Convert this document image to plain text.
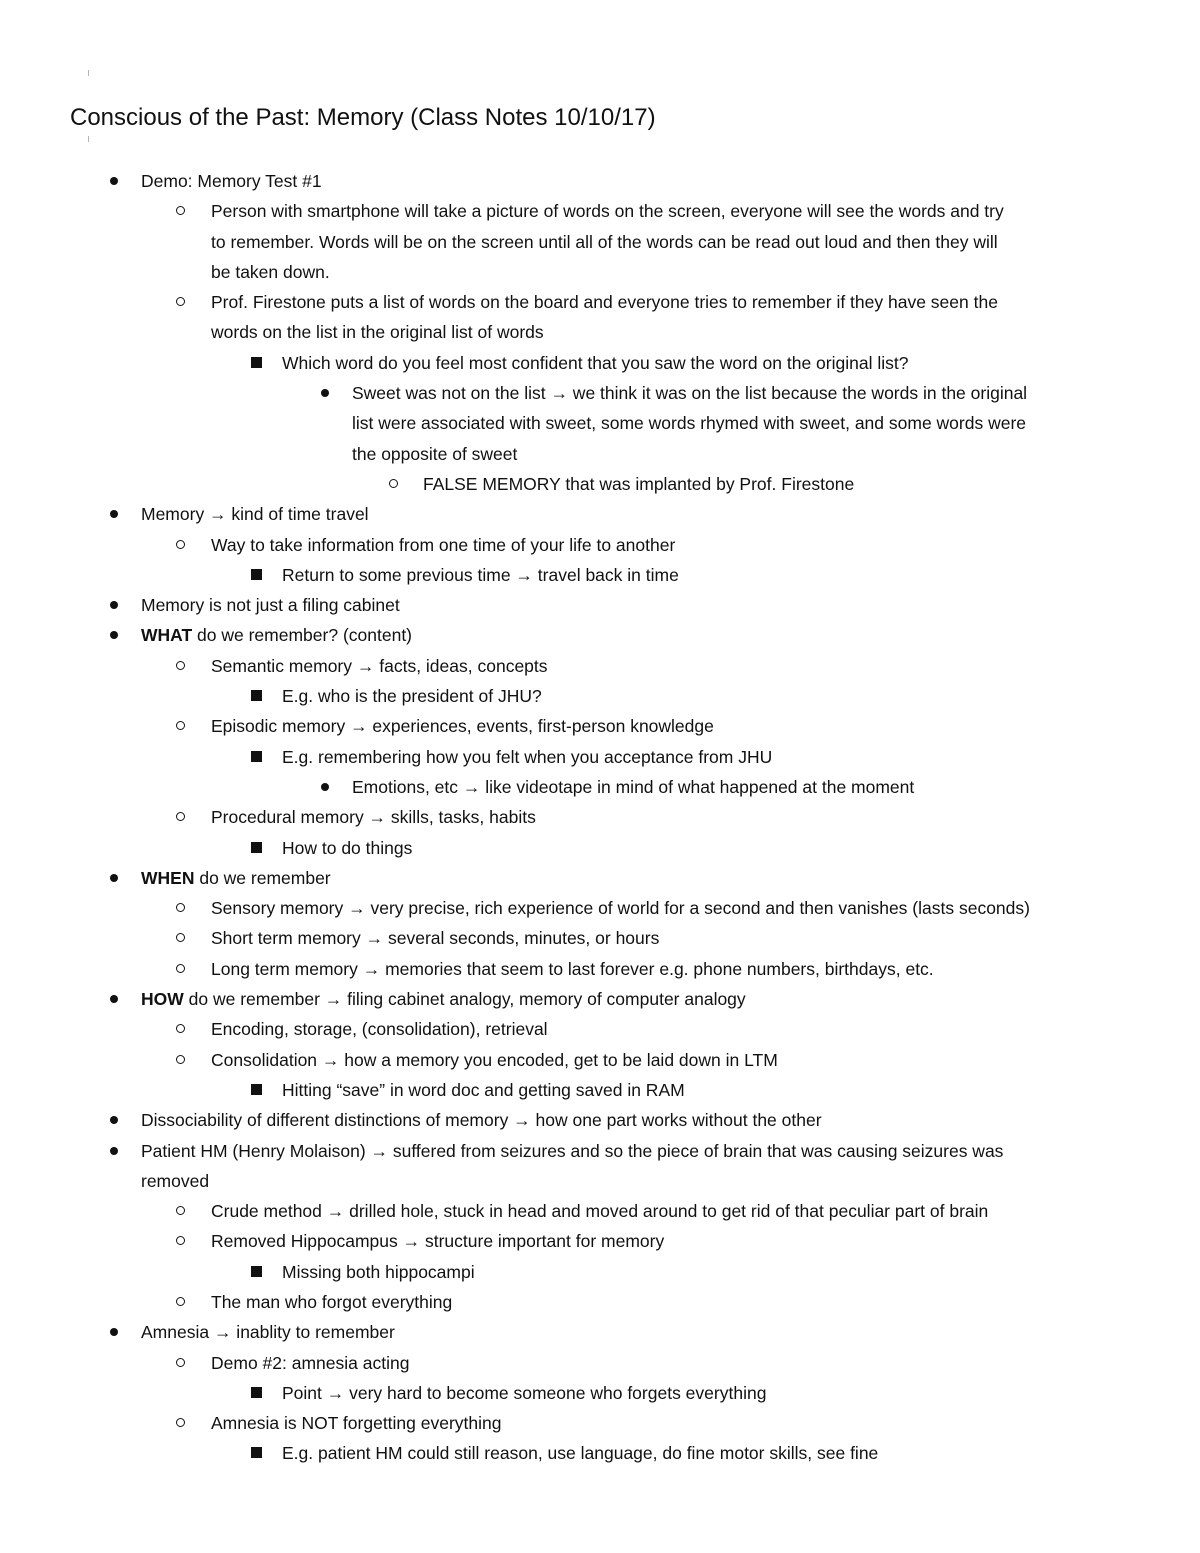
Conscious of the Past: Memory (Class Notes 10/10/17)
Demo: Memory Test #1
Person with smartphone will take a picture of words on the screen, everyone will see the words and try
to remember. Words will be on the screen until all of the words can be read out loud and then they will
be taken down.
Prof. Firestone puts a list of words on the board and everyone tries to remember if they have seen the
words on the list in the original list of words
Which word do you feel most confident that you saw the word on the original list?
Sweet was not on the list → we think it was on the list because the words in the original
list were associated with sweet, some words rhymed with sweet, and some words were
the opposite of sweet
FALSE MEMORY that was implanted by Prof. Firestone
Memory → kind of time travel
Way to take information from one time of your life to another
Return to some previous time → travel back in time
Memory is not just a filing cabinet
WHAT do we remember? (content)
Semantic memory → facts, ideas, concepts
E.g. who is the president of JHU?
Episodic memory → experiences, events, first-person knowledge
E.g. remembering how you felt when you acceptance from JHU
Emotions, etc → like videotape in mind of what happened at the moment
Procedural memory → skills, tasks, habits
How to do things
WHEN do we remember
Sensory memory → very precise, rich experience of world for a second and then vanishes (lasts seconds)
Short term memory → several seconds, minutes, or hours
Long term memory → memories that seem to last forever e.g. phone numbers, birthdays, etc.
HOW do we remember → filing cabinet analogy, memory of computer analogy
Encoding, storage, (consolidation), retrieval
Consolidation → how a memory you encoded, get to be laid down in LTM
Hitting “save” in word doc and getting saved in RAM
Dissociability of different distinctions of memory → how one part works without the other
Patient HM (Henry Molaison) → suffered from seizures and so the piece of brain that was causing seizures was
removed
Crude method → drilled hole, stuck in head and moved around to get rid of that peculiar part of brain
Removed Hippocampus → structure important for memory
Missing both hippocampi
The man who forgot everything
Amnesia → inablity to remember
Demo #2: amnesia acting
Point → very hard to become someone who forgets everything
Amnesia is NOT forgetting everything
E.g. patient HM could still reason, use language, do fine motor skills, see fine
